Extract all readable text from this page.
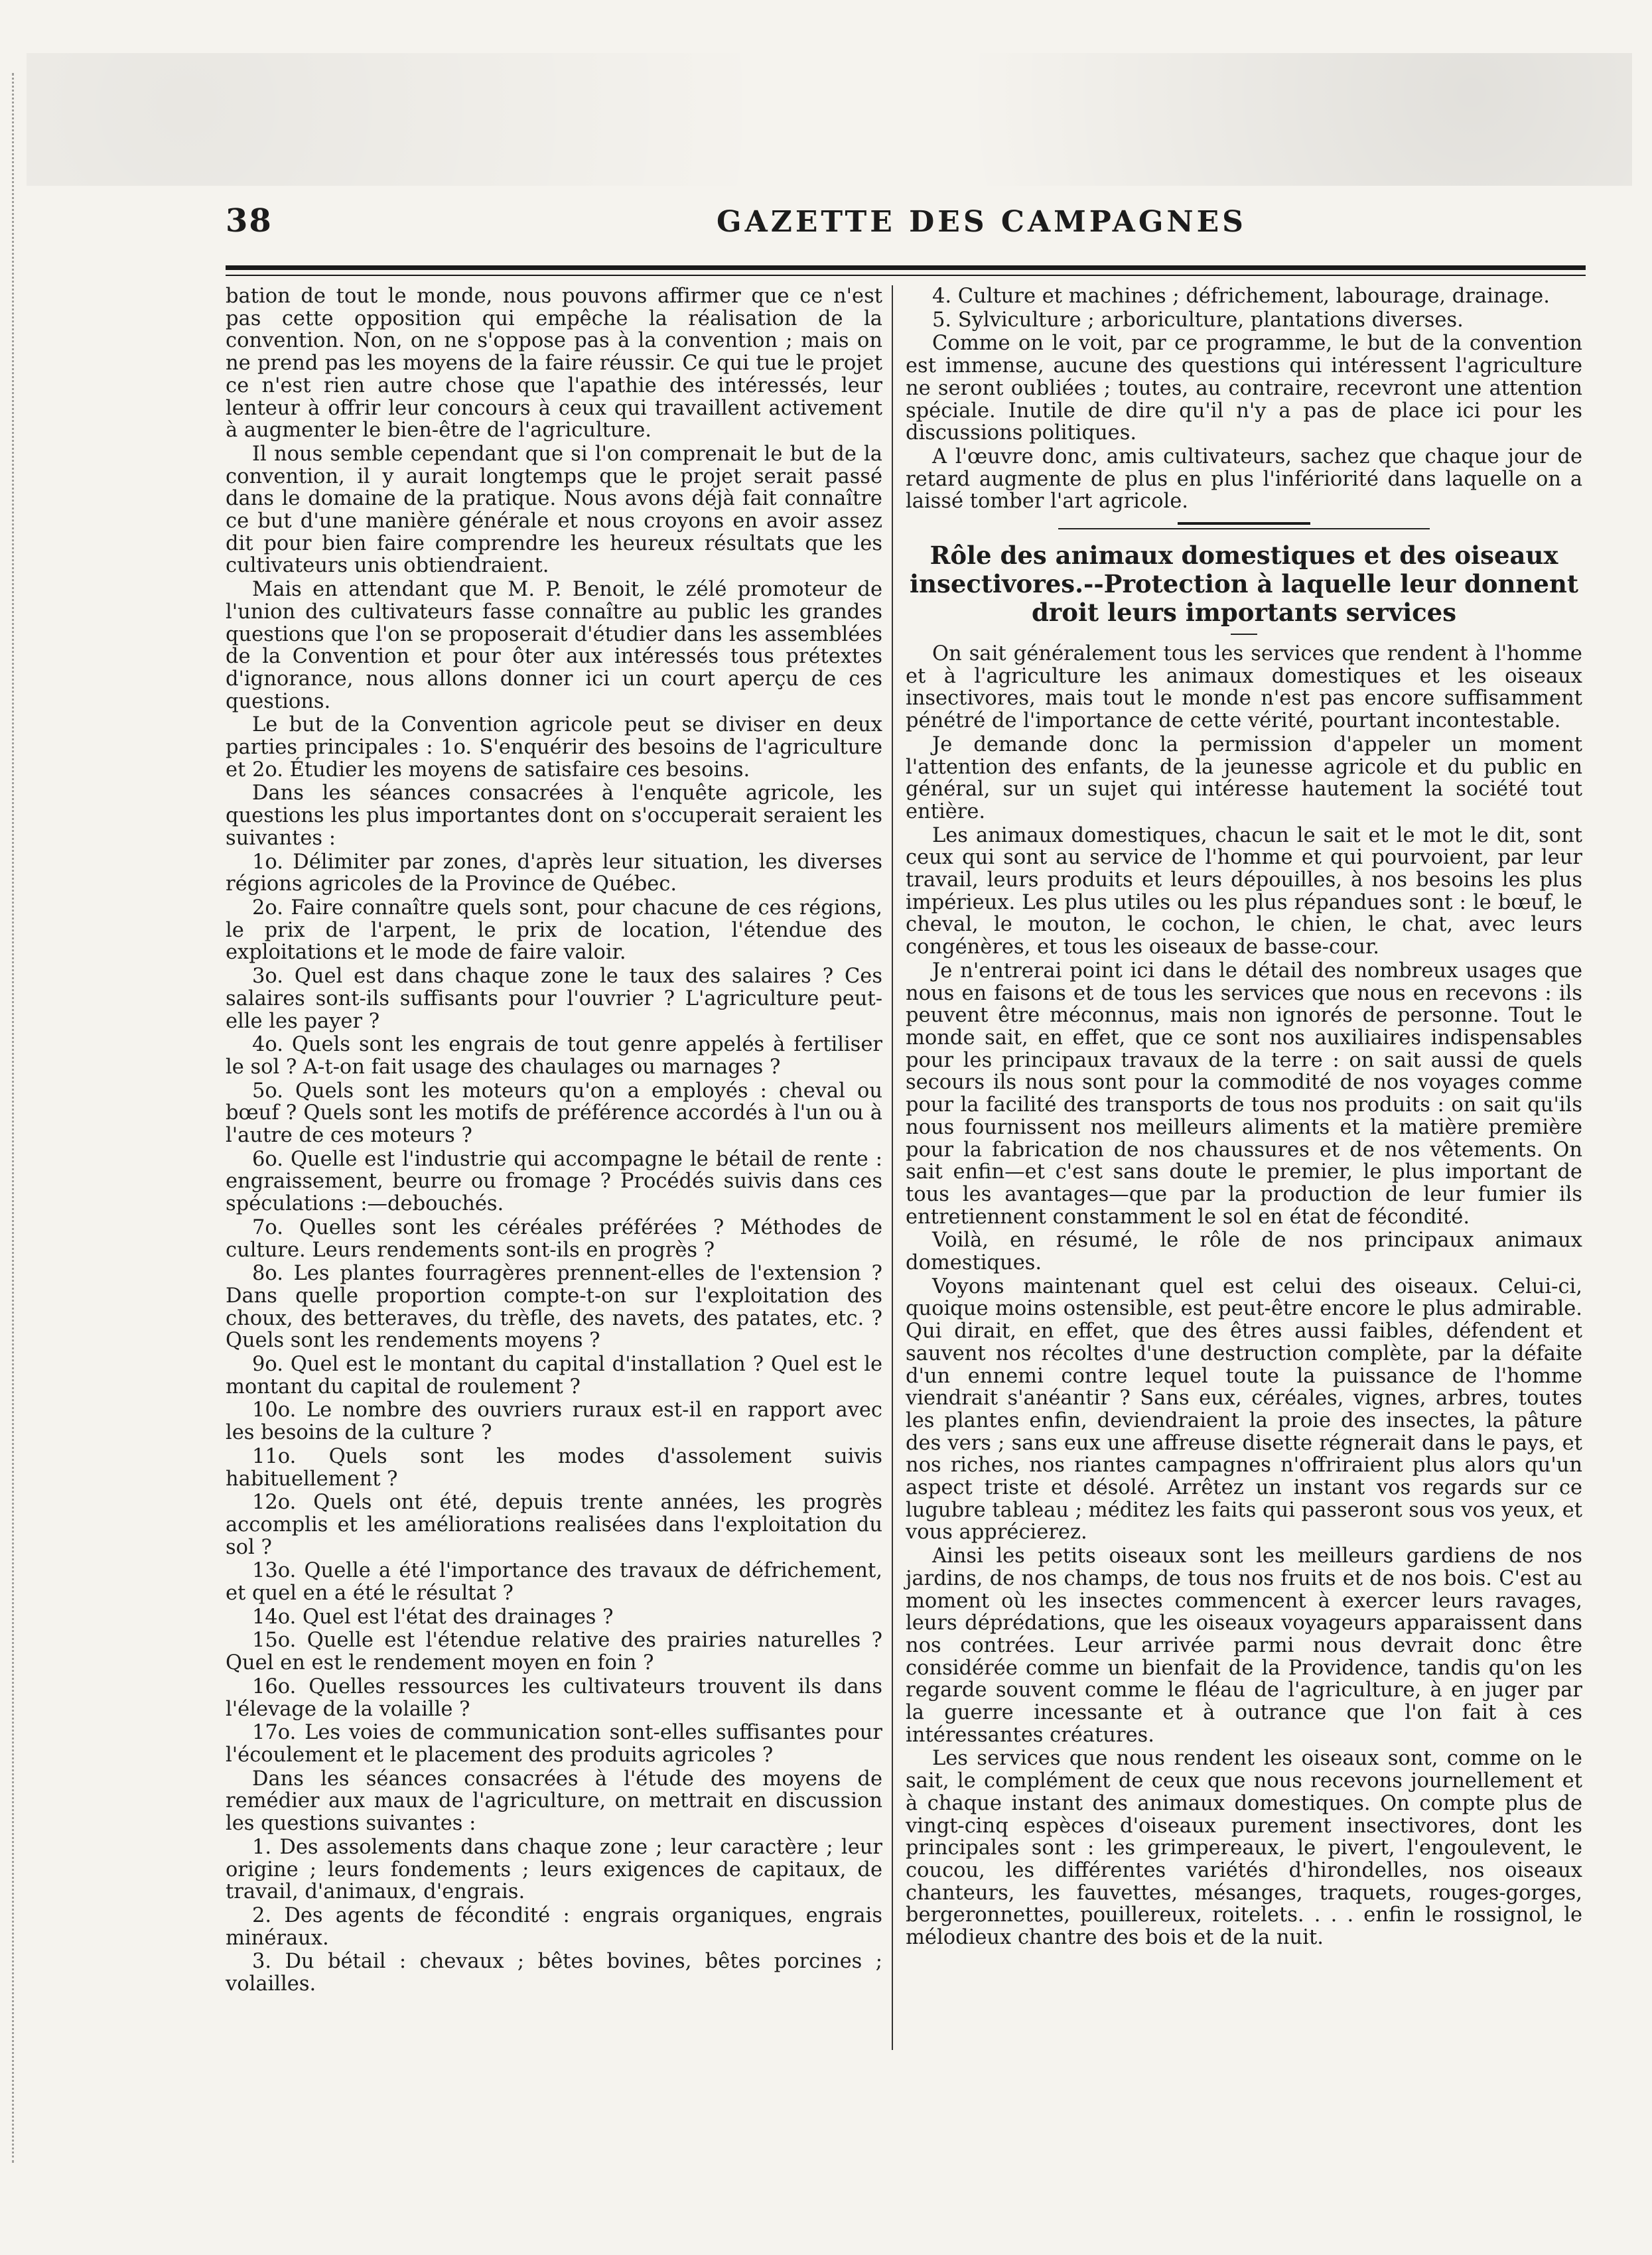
38	GAZETTE DES CAMPAGNES

bation de tout le monde, nous pouvons affirmer que ce n'est pas cette opposition qui empêche la réalisation de la convention. Non, on ne s'oppose pas à la convention ; mais on ne prend pas les moyens de la faire réussir. Ce qui tue le projet ce n'est rien autre chose que l'apathie des intéressés, leur lenteur à offrir leur concours à ceux qui travaillent activement à augmenter le bien-être de l'agriculture.

Il nous semble cependant que si l'on comprenait le but de la convention, il y aurait longtemps que le projet serait passé dans le domaine de la pratique. Nous avons déjà fait connaître ce but d'une manière générale et nous croyons en avoir assez dit pour bien faire comprendre les heureux résultats que les cultivateurs unis obtiendraient.

Mais en attendant que M. P. Benoit, le zélé promoteur de l'union des cultivateurs fasse connaître au public les grandes questions que l'on se proposerait d'étudier dans les assemblées de la Convention et pour ôter aux intéressés tous prétextes d'ignorance, nous allons donner ici un court aperçu de ces questions.

Le but de la Convention agricole peut se diviser en deux parties principales : 1o. S'enquérir des besoins de l'agriculture et 2o. Étudier les moyens de satisfaire ces besoins.

Dans les séances consacrées à l'enquête agricole, les questions les plus importantes dont on s'occuperait seraient les suivantes :

1o. Délimiter par zones, d'après leur situation, les diverses régions agricoles de la Province de Québec.

2o. Faire connaître quels sont, pour chacune de ces régions, le prix de l'arpent, le prix de location, l'étendue des exploitations et le mode de faire valoir.

3o. Quel est dans chaque zone le taux des salaires ? Ces salaires sont-ils suffisants pour l'ouvrier ? L'agriculture peut-elle les payer ?

4o. Quels sont les engrais de tout genre appelés à fertiliser le sol ? A-t-on fait usage des chaulages ou marnages ?

5o. Quels sont les moteurs qu'on a employés : cheval ou bœuf ? Quels sont les motifs de préférence accordés à l'un ou à l'autre de ces moteurs ?

6o. Quelle est l'industrie qui accompagne le bétail de rente : engraissement, beurre ou fromage ? Procédés suivis dans ces spéculations :—debouchés.

7o. Quelles sont les céréales préférées ? Méthodes de culture. Leurs rendements sont-ils en progrès ?

8o. Les plantes fourragères prennent-elles de l'extension ? Dans quelle proportion compte-t-on sur l'exploitation des choux, des betteraves, du trèfle, des navets, des patates, etc. ? Quels sont les rendements moyens ?

9o. Quel est le montant du capital d'installation ? Quel est le montant du capital de roulement ?

10o. Le nombre des ouvriers ruraux est-il en rapport avec les besoins de la culture ?

11o. Quels sont les modes d'assolement suivis habituellement ?

12o. Quels ont été, depuis trente années, les progrès accomplis et les améliorations realisées dans l'exploitation du sol ?

13o. Quelle a été l'importance des travaux de défrichement, et quel en a été le résultat ?

14o. Quel est l'état des drainages ?

15o. Quelle est l'étendue relative des prairies naturelles ? Quel en est le rendement moyen en foin ?

16o. Quelles ressources les cultivateurs trouvent ils dans l'élevage de la volaille ?

17o. Les voies de communication sont-elles suffisantes pour l'écoulement et le placement des produits agricoles ?

Dans les séances consacrées à l'étude des moyens de remédier aux maux de l'agriculture, on mettrait en discussion les questions suivantes :

1. Des assolements dans chaque zone ; leur caractère ; leur origine ; leurs fondements ; leurs exigences de capitaux, de travail, d'animaux, d'engrais.

2. Des agents de fécondité : engrais organiques, engrais minéraux.

3. Du bétail : chevaux ; bêtes bovines, bêtes porcines ; volailles.

4. Culture et machines ; défrichement, labourage, drainage.

5. Sylviculture ; arboriculture, plantations diverses.

Comme on le voit, par ce programme, le but de la convention est immense, aucune des questions qui intéressent l'agriculture ne seront oubliées ; toutes, au contraire, recevront une attention spéciale. Inutile de dire qu'il n'y a pas de place ici pour les discussions politiques.

A l'œuvre donc, amis cultivateurs, sachez que chaque jour de retard augmente de plus en plus l'infériorité dans laquelle on a laissé tomber l'art agricole.

Rôle des animaux domestiques et des oiseaux insectivores.--Protection à laquelle leur donnent droit leurs importants services

On sait généralement tous les services que rendent à l'homme et à l'agriculture les animaux domestiques et les oiseaux insectivores, mais tout le monde n'est pas encore suffisamment pénétré de l'importance de cette vérité, pourtant incontestable.

Je demande donc la permission d'appeler un moment l'attention des enfants, de la jeunesse agricole et du public en général, sur un sujet qui intéresse hautement la société tout entière.

Les animaux domestiques, chacun le sait et le mot le dit, sont ceux qui sont au service de l'homme et qui pourvoient, par leur travail, leurs produits et leurs dépouilles, à nos besoins les plus impérieux. Les plus utiles ou les plus répandues sont : le bœuf, le cheval, le mouton, le cochon, le chien, le chat, avec leurs congénères, et tous les oiseaux de basse-cour.

Je n'entrerai point ici dans le détail des nombreux usages que nous en faisons et de tous les services que nous en recevons : ils peuvent être méconnus, mais non ignorés de personne. Tout le monde sait, en effet, que ce sont nos auxiliaires indispensables pour les principaux travaux de la terre : on sait aussi de quels secours ils nous sont pour la commodité de nos voyages comme pour la facilité des transports de tous nos produits : on sait qu'ils nous fournissent nos meilleurs aliments et la matière première pour la fabrication de nos chaussures et de nos vêtements. On sait enfin—et c'est sans doute le premier, le plus important de tous les avantages—que par la production de leur fumier ils entretiennent constamment le sol en état de fécondité.

Voilà, en résumé, le rôle de nos principaux animaux domestiques.

Voyons maintenant quel est celui des oiseaux. Celui-ci, quoique moins ostensible, est peut-être encore le plus admirable. Qui dirait, en effet, que des êtres aussi faibles, défendent et sauvent nos récoltes d'une destruction complète, par la défaite d'un ennemi contre lequel toute la puissance de l'homme viendrait s'anéantir ? Sans eux, céréales, vignes, arbres, toutes les plantes enfin, deviendraient la proie des insectes, la pâture des vers ; sans eux une affreuse disette régnerait dans le pays, et nos riches, nos riantes campagnes n'offriraient plus alors qu'un aspect triste et désolé. Arrêtez un instant vos regards sur ce lugubre tableau ; méditez les faits qui passeront sous vos yeux, et vous apprécierez.

Ainsi les petits oiseaux sont les meilleurs gardiens de nos jardins, de nos champs, de tous nos fruits et de nos bois. C'est au moment où les insectes commencent à exercer leurs ravages, leurs déprédations, que les oiseaux voyageurs apparaissent dans nos contrées. Leur arrivée parmi nous devrait donc être considérée comme un bienfait de la Providence, tandis qu'on les regarde souvent comme le fléau de l'agriculture, à en juger par la guerre incessante et à outrance que l'on fait à ces intéressantes créatures.

Les services que nous rendent les oiseaux sont, comme on le sait, le complément de ceux que nous recevons journellement et à chaque instant des animaux domestiques. On compte plus de vingt-cinq espèces d'oiseaux purement insectivores, dont les principales sont : les grimpereaux, le pivert, l'engoulevent, le coucou, les différentes variétés d'hirondelles, nos oiseaux chanteurs, les fauvettes, mésanges, traquets, rouges-gorges, bergeronnettes, pouillereux, roitelets. . . . enfin le rossignol, le mélodieux chantre des bois et de la nuit.
